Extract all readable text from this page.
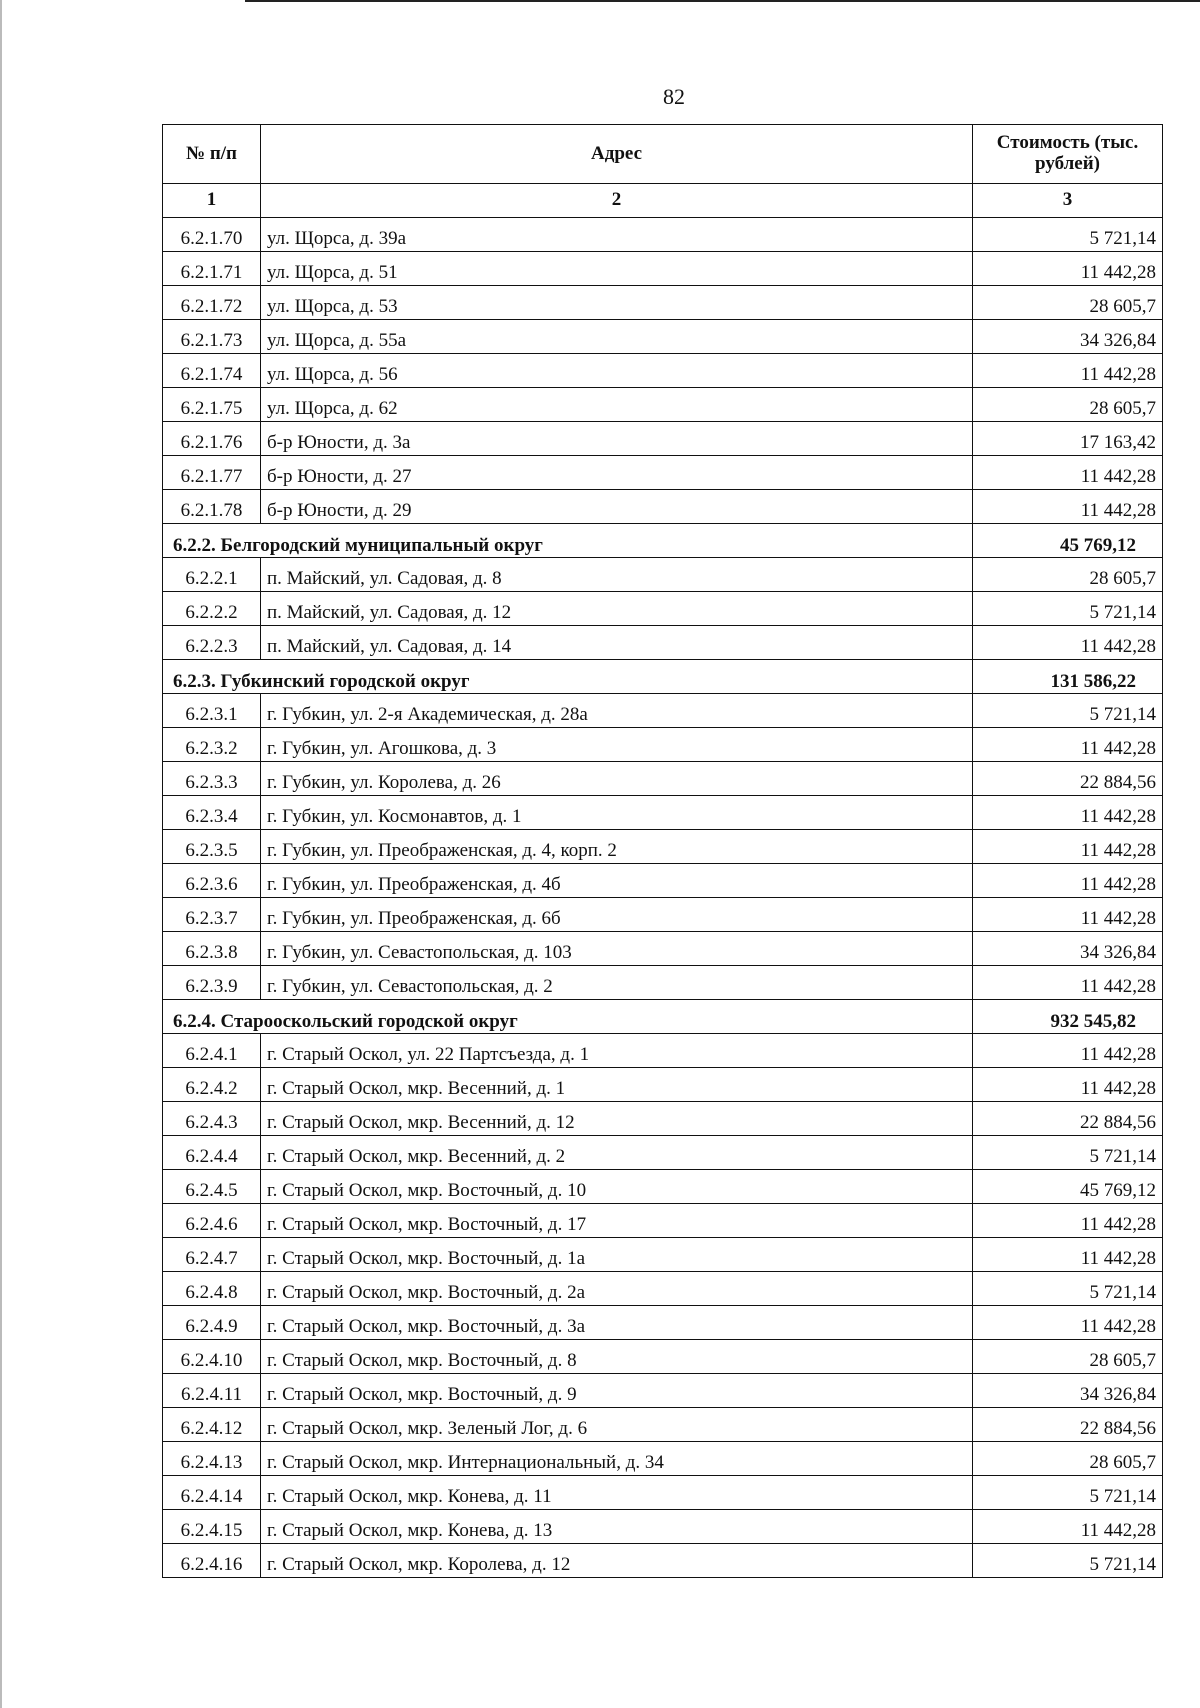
82
№ п/п	Адрес	Стоимость (тыс. рублей)
1	2	3
6.2.1.70	ул. Щорса, д. 39а	5 721,14
6.2.1.71	ул. Щорса, д. 51	11 442,28
6.2.1.72	ул. Щорса, д. 53	28 605,7
6.2.1.73	ул. Щорса, д. 55а	34 326,84
6.2.1.74	ул. Щорса, д. 56	11 442,28
6.2.1.75	ул. Щорса, д. 62	28 605,7
6.2.1.76	б-р Юности, д. 3а	17 163,42
6.2.1.77	б-р Юности, д. 27	11 442,28
6.2.1.78	б-р Юности, д. 29	11 442,28
6.2.2. Белгородский муниципальный округ		45 769,12
6.2.2.1	п. Майский, ул. Садовая, д. 8	28 605,7
6.2.2.2	п. Майский, ул. Садовая, д. 12	5 721,14
6.2.2.3	п. Майский, ул. Садовая, д. 14	11 442,28
6.2.3. Губкинский городской округ		131 586,22
6.2.3.1	г. Губкин, ул. 2-я Академическая, д. 28а	5 721,14
6.2.3.2	г. Губкин, ул. Агошкова, д. 3	11 442,28
6.2.3.3	г. Губкин, ул. Королева, д. 26	22 884,56
6.2.3.4	г. Губкин, ул. Космонавтов, д. 1	11 442,28
6.2.3.5	г. Губкин, ул. Преображенская, д. 4, корп. 2	11 442,28
6.2.3.6	г. Губкин, ул. Преображенская, д. 4б	11 442,28
6.2.3.7	г. Губкин, ул. Преображенская, д. 6б	11 442,28
6.2.3.8	г. Губкин, ул. Севастопольская, д. 103	34 326,84
6.2.3.9	г. Губкин, ул. Севастопольская, д. 2	11 442,28
6.2.4. Старооскольский городской округ		932 545,82
6.2.4.1	г. Старый Оскол, ул. 22 Партсъезда, д. 1	11 442,28
6.2.4.2	г. Старый Оскол, мкр. Весенний, д. 1	11 442,28
6.2.4.3	г. Старый Оскол, мкр. Весенний, д. 12	22 884,56
6.2.4.4	г. Старый Оскол, мкр. Весенний, д. 2	5 721,14
6.2.4.5	г. Старый Оскол, мкр. Восточный, д. 10	45 769,12
6.2.4.6	г. Старый Оскол, мкр. Восточный, д. 17	11 442,28
6.2.4.7	г. Старый Оскол, мкр. Восточный, д. 1а	11 442,28
6.2.4.8	г. Старый Оскол, мкр. Восточный, д. 2а	5 721,14
6.2.4.9	г. Старый Оскол, мкр. Восточный, д. 3а	11 442,28
6.2.4.10	г. Старый Оскол, мкр. Восточный, д. 8	28 605,7
6.2.4.11	г. Старый Оскол, мкр. Восточный, д. 9	34 326,84
6.2.4.12	г. Старый Оскол, мкр. Зеленый Лог, д. 6	22 884,56
6.2.4.13	г. Старый Оскол, мкр. Интернациональный, д. 34	28 605,7
6.2.4.14	г. Старый Оскол, мкр. Конева, д. 11	5 721,14
6.2.4.15	г. Старый Оскол, мкр. Конева, д. 13	11 442,28
6.2.4.16	г. Старый Оскол, мкр. Королева, д. 12	5 721,14
